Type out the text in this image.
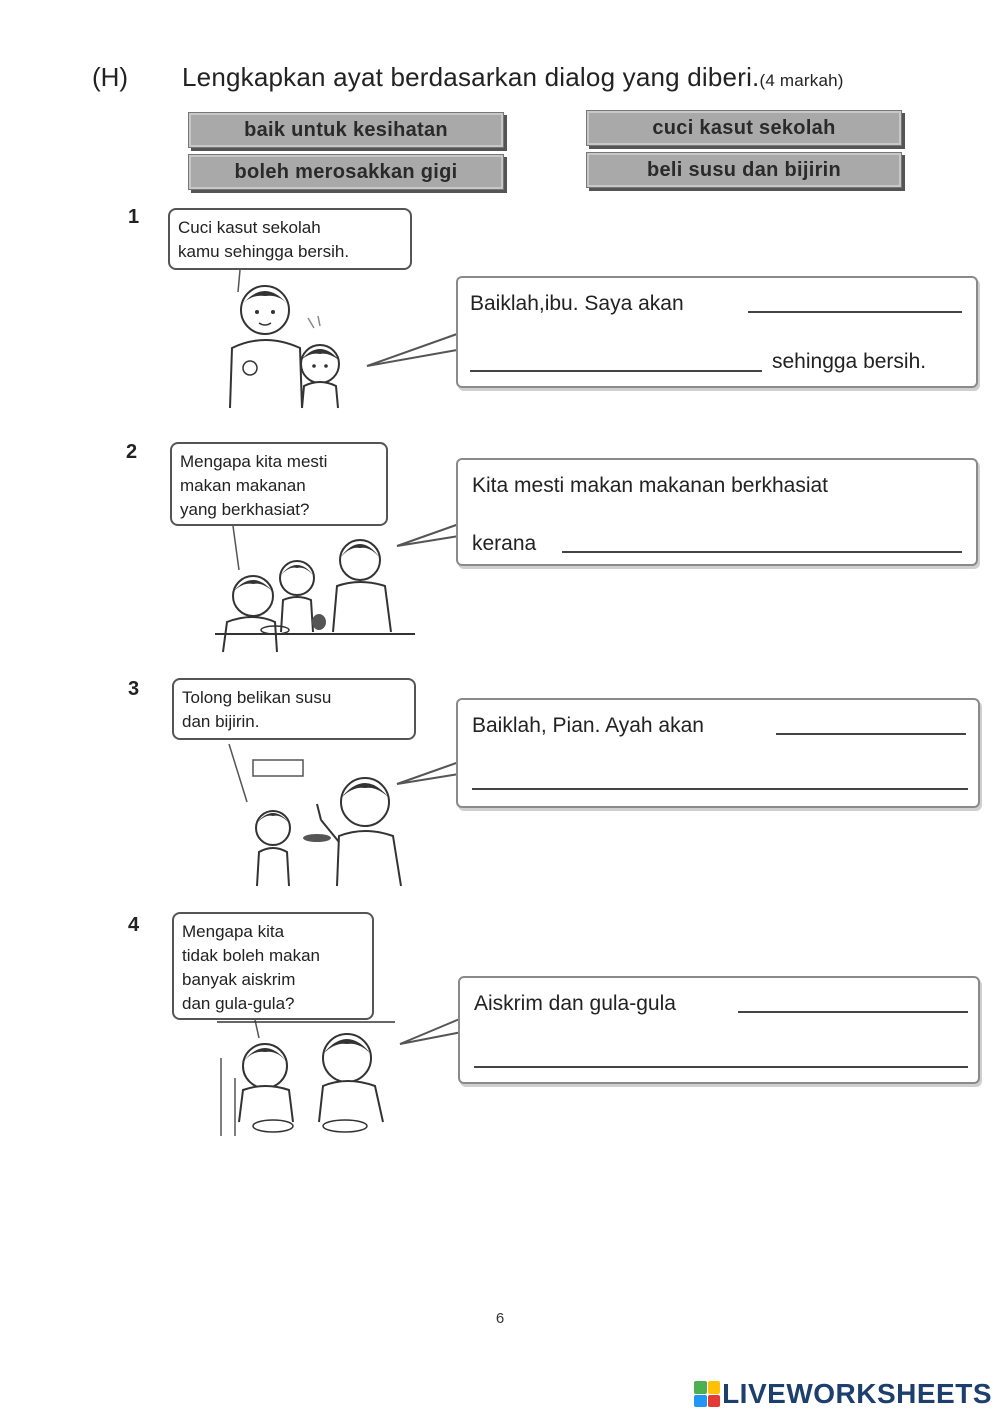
(H) Lengkapkan ayat berdasarkan dialog yang diberi.(4 markah)
baik untuk kesihatan	cuci kasut sekolah
boleh merosakkan gigi	beli susu dan bijirin
1 Cuci kasut sekolah
kamu sehingga bersih.
Baiklah,ibu. Saya akan
sehingga bersih.
2	Mengapa kita mesti
makan makanan
yang berkhasiat?
Kita mesti makan makanan berkhasiat
kerana
3	Tolong belikan susu
dan bijirin.	Baiklah, Pian. Ayah akan
4	Mengapa kita
tidak boleh makan
banyak aiskrim
dan gula-gula?	Aiskrim dan gula-gula
6
LIVEWORKSHEETS
